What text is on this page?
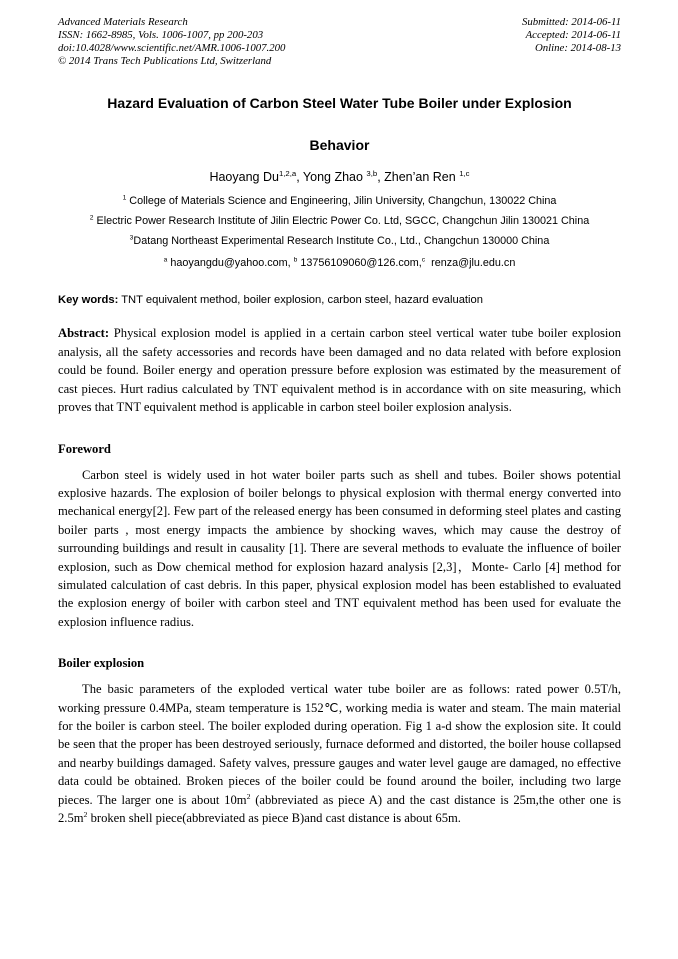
Advanced Materials Research
ISSN: 1662-8985, Vols. 1006-1007, pp 200-203
doi:10.4028/www.scientific.net/AMR.1006-1007.200
© 2014 Trans Tech Publications Ltd, Switzerland
Submitted: 2014-06-11
Accepted: 2014-06-11
Online: 2014-08-13
Hazard Evaluation of Carbon Steel Water Tube Boiler under Explosion
Behavior
Haoyang Du$^{1,2,a}$, Yong Zhao $^{3,b}$, Zhen’an Ren $^{1,c}$
$^1$ College of Materials Science and Engineering, Jilin University, Changchun, 130022 China
$^2$ Electric Power Research Institute of Jilin Electric Power Co. Ltd, SGCC, Changchun Jilin 130021 China
$^3$Datang Northeast Experimental Research Institute Co., Ltd., Changchun 130000 China
$^a$ haoyangdu@yahoo.com, $^b$ 13756109060@126.com,$^c$  renza@jlu.edu.cn

Key words: TNT equivalent method, boiler explosion, carbon steel, hazard evaluation

Abstract: Physical explosion model is applied in a certain carbon steel vertical water tube boiler explosion analysis, all the safety accessories and records have been damaged and no data related with before explosion could be found. Boiler energy and operation pressure before explosion was estimated by the measurement of cast pieces. Hurt radius calculated by TNT equivalent method is in accordance with on site measuring, which proves that TNT equivalent method is applicable in carbon steel boiler explosion analysis.

Foreword

Carbon steel is widely used in hot water boiler parts such as shell and tubes. Boiler shows potential explosive hazards. The explosion of boiler belongs to physical explosion with thermal energy converted into mechanical energy[2]. Few part of the released energy has been consumed in deforming steel plates and casting boiler parts , most energy impacts the ambience by shocking waves, which may cause the destroy of surrounding buildings and result in causality [1]. There are several methods to evaluate the influence of boiler explosion, such as Dow chemical method for explosion hazard analysis [2,3]，Monte- Carlo [4] method for simulated calculation of cast debris. In this paper, physical explosion model has been established to evaluated the explosion energy of boiler with carbon steel and TNT equivalent method has been used for evaluate the explosion influence radius.

Boiler explosion

The basic parameters of the exploded vertical water tube boiler are as follows: rated power 0.5T/h, working pressure 0.4MPa, steam temperature is 152℃, working media is water and steam. The main material for the boiler is carbon steel. The boiler exploded during operation. Fig 1 a-d show the explosion site. It could be seen that the proper has been destroyed seriously, furnace deformed and distorted, the boiler house collapsed and nearby buildings damaged. Safety valves, pressure gauges and water level gauge are damaged, no effective data could be obtained. Broken pieces of the boiler could be found around the boiler, including two large pieces. The larger one is about $10m^2$ (abbreviated as piece A) and the cast distance is 25m,the other one is $2.5m^2$ broken shell piece(abbreviated as piece B)and cast distance is about 65m.
